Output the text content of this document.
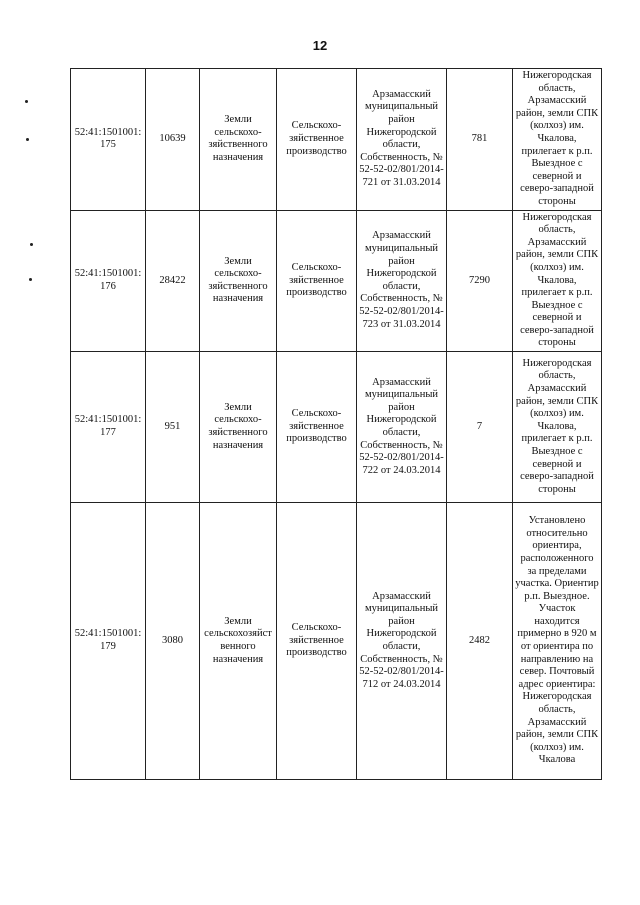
12
52:41:1501001:175	10639	Земли сельскохо-зяйственного назначения	Сельскохо-зяйственное производство	Арзамасский муниципальный район Нижегородской области, Собственность, № 52-52-02/801/2014-721 от 31.03.2014	781	Нижегородская область, Арзамасский район, земли СПК (колхоз) им. Чкалова, прилегает к р.п. Выездное с северной и северо-западной стороны
52:41:1501001:176	28422	Земли сельскохо-зяйственного назначения	Сельскохо-зяйственное производство	Арзамасский муниципальный район Нижегородской области, Собственность, № 52-52-02/801/2014-723 от 31.03.2014	7290	Нижегородская область, Арзамасский район, земли СПК (колхоз) им. Чкалова, прилегает к р.п. Выездное с северной и северо-западной стороны
52:41:1501001:177	951	Земли сельскохо-зяйственного назначения	Сельскохо-зяйственное производство	Арзамасский муниципальный район Нижегородской области, Собственность, № 52-52-02/801/2014-722 от 24.03.2014	7	Нижегородская область, Арзамасский район, земли СПК (колхоз) им. Чкалова, прилегает к р.п. Выездное с северной и северо-западной стороны
52:41:1501001:179	3080	Земли сельскохозяйственного назначения	Сельскохо-зяйственное производство	Арзамасский муниципальный район Нижегородской области, Собственность, № 52-52-02/801/2014-712 от 24.03.2014	2482	Установлено относительно ориентира, расположенного за пределами участка. Ориентир р.п. Выездное. Участок находится примерно в 920 м от ориентира по направлению на север. Почтовый адрес ориентира: Нижегородская область, Арзамасский район, земли СПК (колхоз) им. Чкалова
